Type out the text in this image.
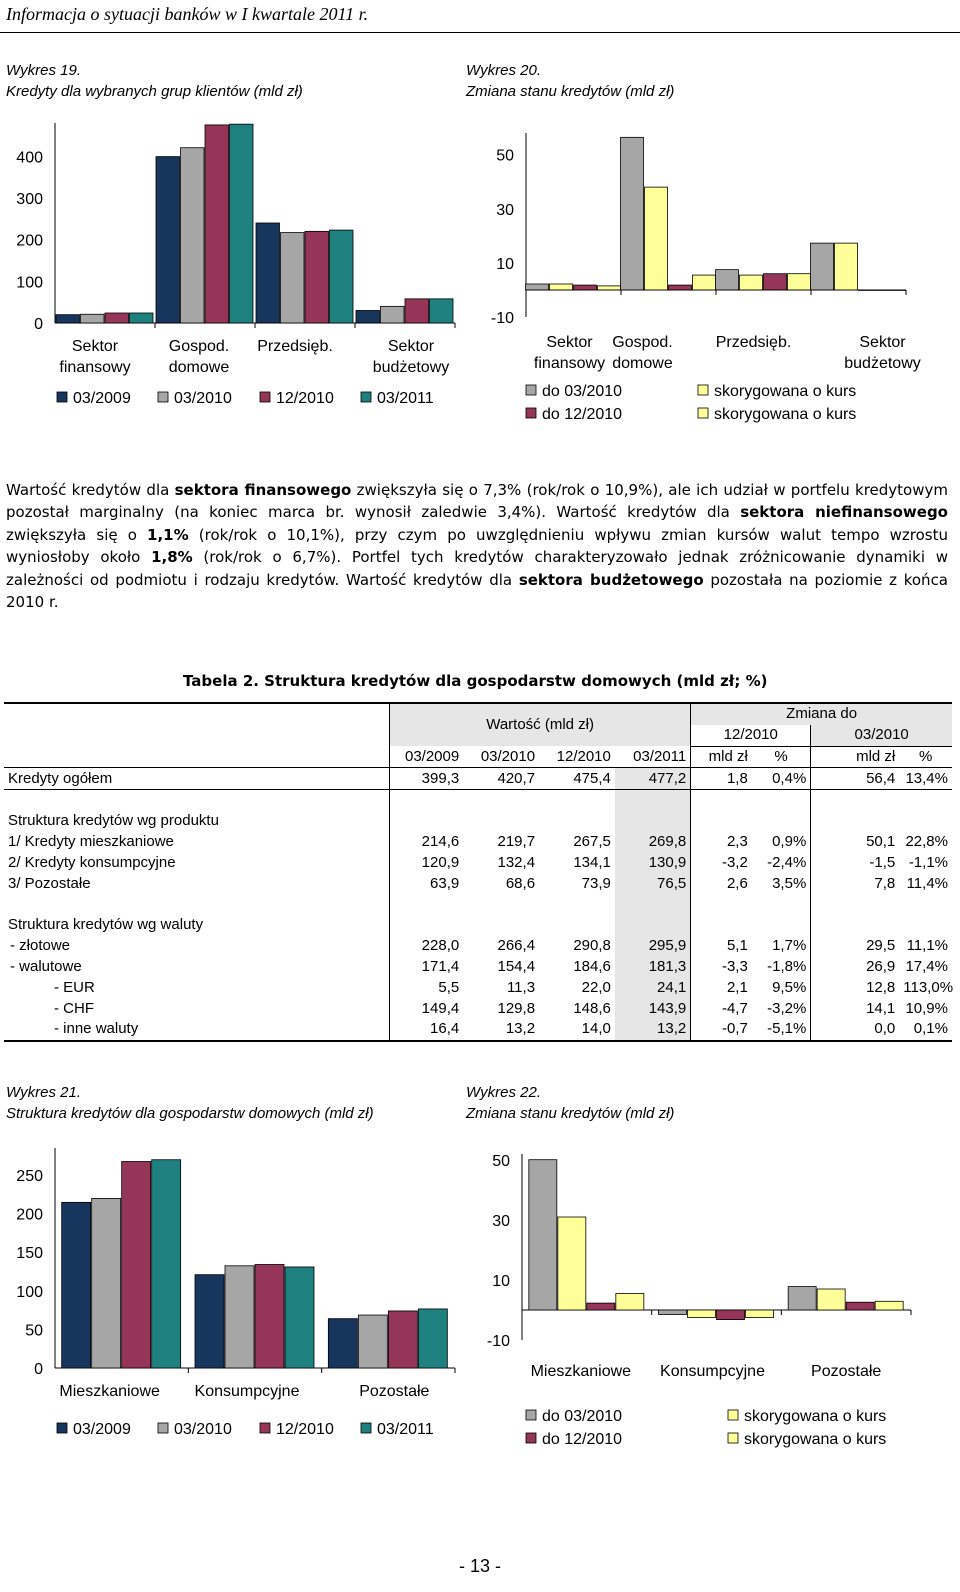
Informacja o sytuacji banków w I kwartale 2011 r.
Wykres 19.
Kredyty dla wybranych grup klientów (mld zł)
400
300
200
100
0
Sektor
finansowy
Gospod.
domowe
Przedsięb.	Sektor
budżetowy
03/2009	03/2010	12/2010	03/2011
Wykres 20.
Zmiana stanu kredytów (mld zł)
50
30
10
-10
Sektor
finansowy
Gospod.
domowe
Przedsięb.	Sektor
budżetowy
do 03/2010	skorygowana o kurs
do 12/2010	skorygowana o kurs
Wartość kredytów dla sektora finansowego zwiększyła się o 7,3% (rok/rok o 10,9%), ale ich udział w portfelu kredytowym pozostał marginalny (na koniec marca br. wynosił zaledwie 3,4%). Wartość kredytów dla sektora niefinansowego zwiększyła się o 1,1% (rok/rok o 10,1%), przy czym po uwzględnieniu wpływu zmian kursów walut tempo wzrostu wyniosłoby około 1,8% (rok/rok o 6,7%). Portfel tych kredytów charakteryzowało jednak zróżnicowanie dynamiki w zależności od podmiotu i rodzaju kredytów. Wartość kredytów dla sektora budżetowego pozostała na poziomie z końca 2010 r.
Tabela 2. Struktura kredytów dla gospodarstw domowych (mld zł; %)
	Wartość (mld zł)				Zmiana do			
					12/2010		03/2010	
	03/2009	03/2010	12/2010	03/2011	mld zł	%	mld zł	%
Kredyty ogółem	399,3	420,7	475,4	477,2	1,8	0,4%	56,4	13,4%

Struktura kredytów wg produktu								
1/ Kredyty mieszkaniowe	214,6	219,7	267,5	269,8	2,3	0,9%	50,1	22,8%
2/ Kredyty konsumpcyjne	120,9	132,4	134,1	130,9	-3,2	-2,4%	-1,5	-1,1%
3/ Pozostałe	63,9	68,6	73,9	76,5	2,6	3,5%	7,8	11,4%

Struktura kredytów wg waluty								
- złotowe	228,0	266,4	290,8	295,9	5,1	1,7%	29,5	11,1%
- walutowe	171,4	154,4	184,6	181,3	-3,3	-1,8%	26,9	17,4%
- EUR	5,5	11,3	22,0	24,1	2,1	9,5%	12,8	113,0%
- CHF	149,4	129,8	148,6	143,9	-4,7	-3,2%	14,1	10,9%
- inne waluty	16,4	13,2	14,0	13,2	-0,7	-5,1%	0,0	0,1%
Wykres 21.
Struktura kredytów dla gospodarstw domowych (mld zł)
250
200
150
100
50
0
Mieszkaniowe Konsumpcyjne	Pozostałe
03/2009	03/2010	12/2010	03/2011
Wykres 22.
Zmiana stanu kredytów (mld zł)
50
30
10
-10
Mieszkaniowe Konsumpcyjne	Pozostałe
do 03/2010	skorygowana o kurs
do 12/2010	skorygowana o kurs
- 13 -
